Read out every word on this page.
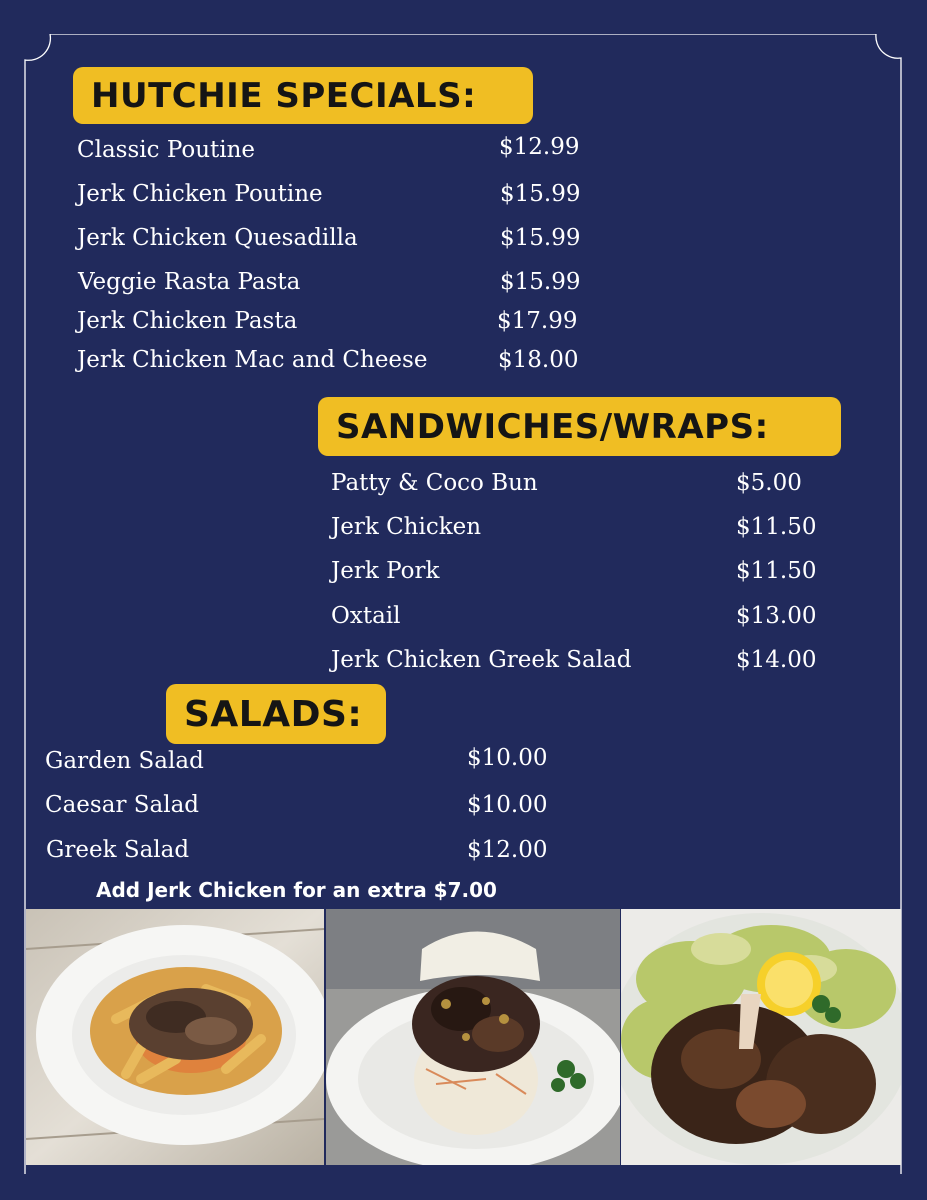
HUTCHIE SPECIALS:
Classic Poutine	$12.99
Jerk Chicken Poutine	$15.99
Jerk Chicken Quesadilla	$15.99
Veggie Rasta Pasta	$15.99
Jerk Chicken Pasta	$17.99
Jerk Chicken Mac and Cheese	$18.00
SANDWICHES/WRAPS:
Patty & Coco Bun	$5.00
Jerk Chicken	$11.50
Jerk Pork	$11.50
Oxtail	$13.00
Jerk Chicken Greek Salad	$14.00
SALADS:
Garden Salad	$10.00
Caesar Salad	$10.00
Greek Salad	$12.00
Add Jerk Chicken for an extra $7.00
